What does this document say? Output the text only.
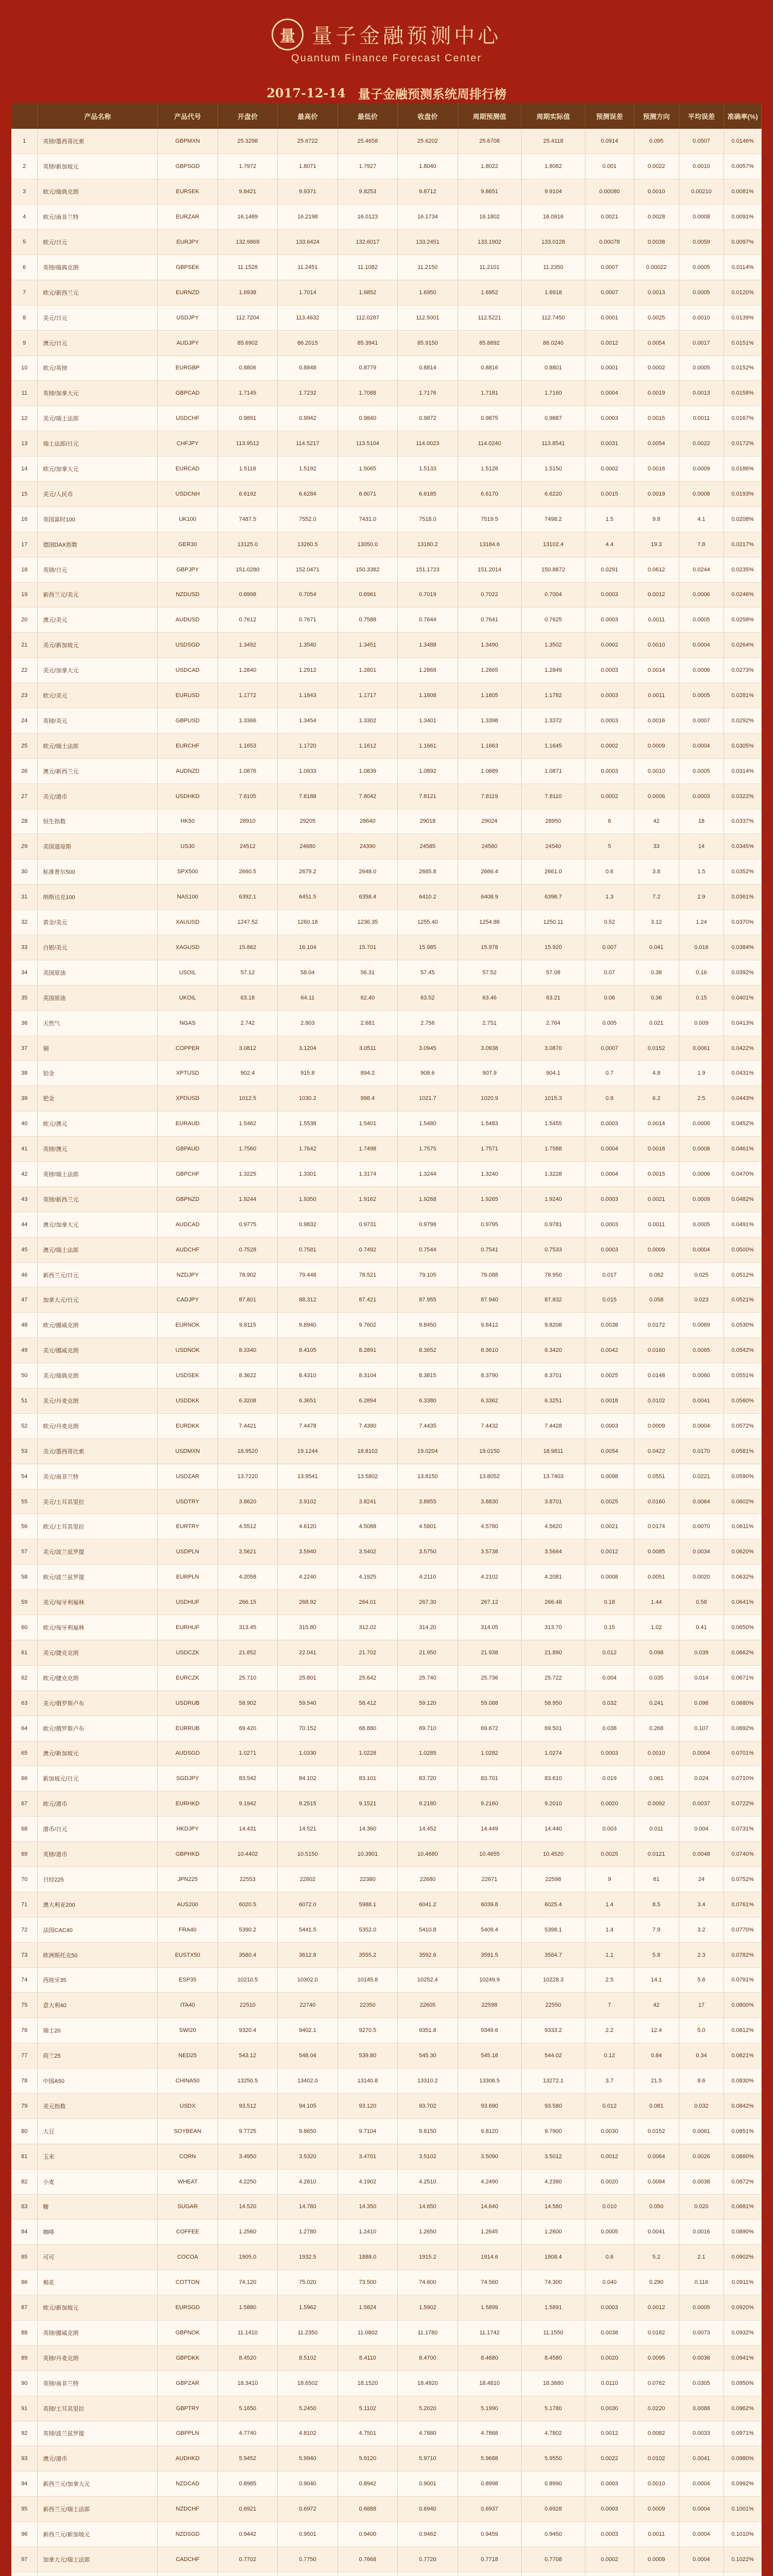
量 量子金融预测中心
Quantum Finance Forecast Center
2017-12-14 量子金融预测系统周排行榜
	产品名称	产品代号	开盘价	最高价	最低价	收盘价	周期预测值	周期实际值	预测误差	预测方向	平均误差	准确率(%)
1	英镑/墨西哥比索	GBPMXN	25.3298	25.6722	25.4658	25.6202	25.6708	25.4118	0.0914	0.095	0.0507	0.0146%
2	英镑/新加坡元	GBPSGD	1.7972	1.8071	1.7927	1.8040	1.8022	1.8062	0.001	0.0022	0.0010	0.0057%
3	欧元/瑞典克朗	EURSEK	9.8421	9.9371	9.8253	9.8712	9.8651	9.9104	0.00080	0.0010	0.00210	0.0081%
4	欧元/南非兰特	EURZAR	16.1489	16.2198	16.0123	16.1734	16.1802	16.0916	0.0021	0.0028	0.0008	0.0091%
5	欧元/日元	EURJPY	132.9869	133.6424	132.6017	133.2451	133.1902	133.0128	0.00078	0.0038	0.0059	0.0097%
6	英镑/瑞典克朗	GBPSEK	11.1528	11.2451	11.1082	11.2150	11.2101	11.2350	0.0007	0.00022	0.0005	0.0114%
7	欧元/新西兰元	EURNZD	1.6938	1.7014	1.6852	1.6950	1.6952	1.6918	0.0007	0.0013	0.0005	0.0120%
8	美元/日元	USDJPY	112.7204	113.4632	112.0287	112.5001	112.5221	112.7450	0.0001	0.0025	0.0010	0.0139%
9	澳元/日元	AUDJPY	85.6902	86.2015	85.3941	85.9150	85.8892	86.0240	0.0012	0.0054	0.0017	0.0151%
10	欧元/英镑	EURGBP	0.8806	0.8848	0.8779	0.8814	0.8816	0.8801	0.0001	0.0002	0.0005	0.0152%
11	英镑/加拿大元	GBPCAD	1.7145	1.7232	1.7088	1.7176	1.7181	1.7160	0.0004	0.0019	0.0013	0.0158%
12	美元/瑞士法郎	USDCHF	0.9891	0.9942	0.9840	0.9872	0.9875	0.9887	0.0003	0.0015	0.0011	0.0167%
13	瑞士法郎/日元	CHFJPY	113.9512	114.5217	113.5104	114.0023	114.0240	113.8541	0.0031	0.0054	0.0022	0.0172%
14	欧元/加拿大元	EURCAD	1.5118	1.5192	1.5065	1.5133	1.5128	1.5150	0.0002	0.0016	0.0009	0.0186%
15	美元/人民币	USDCNH	6.6192	6.6284	6.6071	6.6185	6.6170	6.6220	0.0015	0.0019	0.0008	0.0193%
16	英国富时100	UK100	7487.5	7552.0	7431.0	7518.0	7519.5	7498.2	1.5	9.8	4.1	0.0208%
17	德国DAX指数	GER30	13125.0	13260.5	13050.0	13180.2	13184.6	13102.4	4.4	19.3	7.8	0.0217%
18	英镑/日元	GBPJPY	151.0280	152.0471	150.3382	151.1723	151.2014	150.8872	0.0291	0.0612	0.0244	0.0235%
19	新西兰元/美元	NZDUSD	0.6998	0.7054	0.6961	0.7019	0.7022	0.7004	0.0003	0.0012	0.0006	0.0246%
20	澳元/美元	AUDUSD	0.7612	0.7671	0.7588	0.7644	0.7641	0.7625	0.0003	0.0011	0.0005	0.0258%
21	美元/新加坡元	USDSGD	1.3492	1.3540	1.3451	1.3488	1.3490	1.3502	0.0002	0.0010	0.0004	0.0264%
22	美元/加拿大元	USDCAD	1.2840	1.2912	1.2801	1.2868	1.2865	1.2849	0.0003	0.0014	0.0006	0.0273%
23	欧元/美元	EURUSD	1.1772	1.1843	1.1717	1.1808	1.1805	1.1782	0.0003	0.0011	0.0005	0.0281%
24	英镑/美元	GBPUSD	1.3366	1.3454	1.3302	1.3401	1.3398	1.3372	0.0003	0.0016	0.0007	0.0292%
25	欧元/瑞士法郎	EURCHF	1.1653	1.1720	1.1612	1.1661	1.1663	1.1645	0.0002	0.0009	0.0004	0.0305%
26	澳元/新西兰元	AUDNZD	1.0876	1.0933	1.0839	1.0892	1.0889	1.0871	0.0003	0.0010	0.0005	0.0314%
27	美元/港币	USDHKD	7.8105	7.8188	7.8042	7.8121	7.8119	7.8110	0.0002	0.0006	0.0003	0.0322%
28	恒生指数	HK50	28910	29205	28640	29018	29024	28950	6	42	18	0.0337%
29	美国道琼斯	US30	24512	24680	24390	24585	24580	24540	5	33	14	0.0345%
30	标准普尔500	SPX500	2660.5	2679.2	2648.0	2665.8	2666.4	2661.0	0.6	3.8	1.5	0.0352%
31	纳斯达克100	NAS100	6392.1	6451.5	6358.4	6410.2	6408.9	6398.7	1.3	7.2	2.9	0.0361%
32	黄金/美元	XAUUSD	1247.52	1260.18	1236.35	1255.40	1254.88	1250.11	0.52	3.12	1.24	0.0370%
33	白银/美元	XAGUSD	15.862	16.104	15.701	15.985	15.978	15.920	0.007	0.041	0.016	0.0384%
34	美国原油	USOIL	57.12	58.04	56.31	57.45	57.52	57.08	0.07	0.38	0.16	0.0392%
35	英国原油	UKOIL	63.18	64.11	62.40	63.52	63.46	63.21	0.06	0.36	0.15	0.0401%
36	天然气	NGAS	2.742	2.803	2.681	2.756	2.751	2.764	0.005	0.021	0.009	0.0413%
37	铜	COPPER	3.0812	3.1204	3.0511	3.0945	3.0938	3.0870	0.0007	0.0152	0.0061	0.0422%
38	铂金	XPTUSD	902.4	915.8	894.2	908.6	907.9	904.1	0.7	4.8	1.9	0.0431%
39	钯金	XPDUSD	1012.5	1030.2	998.4	1021.7	1020.9	1015.3	0.8	6.2	2.5	0.0443%
40	欧元/澳元	EURAUD	1.5462	1.5538	1.5401	1.5480	1.5483	1.5455	0.0003	0.0014	0.0006	0.0452%
41	英镑/澳元	GBPAUD	1.7560	1.7642	1.7498	1.7575	1.7571	1.7588	0.0004	0.0018	0.0008	0.0461%
42	英镑/瑞士法郎	GBPCHF	1.3225	1.3301	1.3174	1.3244	1.3240	1.3228	0.0004	0.0015	0.0006	0.0470%
43	英镑/新西兰元	GBPNZD	1.9244	1.9350	1.9162	1.9268	1.9265	1.9240	0.0003	0.0021	0.0009	0.0482%
44	澳元/加拿大元	AUDCAD	0.9775	0.9832	0.9731	0.9798	0.9795	0.9781	0.0003	0.0011	0.0005	0.0491%
45	澳元/瑞士法郎	AUDCHF	0.7528	0.7581	0.7492	0.7544	0.7541	0.7533	0.0003	0.0009	0.0004	0.0500%
46	新西兰元/日元	NZDJPY	78.902	79.448	78.521	79.105	79.088	78.950	0.017	0.062	0.025	0.0512%
47	加拿大元/日元	CADJPY	87.801	88.312	87.421	87.955	87.940	87.832	0.015	0.058	0.023	0.0521%
48	欧元/挪威克朗	EURNOK	9.8115	9.8940	9.7602	9.8450	9.8412	9.8208	0.0038	0.0172	0.0069	0.0530%
49	美元/挪威克朗	USDNOK	8.3340	8.4105	8.2891	8.3652	8.3610	8.3420	0.0042	0.0160	0.0065	0.0542%
50	美元/瑞典克朗	USDSEK	8.3622	8.4310	8.3104	8.3815	8.3790	8.3701	0.0025	0.0148	0.0060	0.0551%
51	美元/丹麦克朗	USDDKK	6.3208	6.3651	6.2894	6.3380	6.3362	6.3251	0.0018	0.0102	0.0041	0.0560%
52	欧元/丹麦克朗	EURDKK	7.4421	7.4478	7.4390	7.4435	7.4432	7.4428	0.0003	0.0009	0.0004	0.0572%
53	美元/墨西哥比索	USDMXN	18.9520	19.1244	18.8102	19.0204	19.0150	18.9811	0.0054	0.0422	0.0170	0.0581%
54	美元/南非兰特	USDZAR	13.7220	13.9541	13.5802	13.8150	13.8052	13.7403	0.0098	0.0551	0.0221	0.0590%
55	美元/土耳其里拉	USDTRY	3.8620	3.9102	3.8241	3.8855	3.8830	3.8701	0.0025	0.0160	0.0064	0.0602%
56	欧元/土耳其里拉	EURTRY	4.5512	4.6120	4.5088	4.5801	4.5780	4.5620	0.0021	0.0174	0.0070	0.0611%
57	美元/波兰兹罗提	USDPLN	3.5621	3.5940	3.5402	3.5750	3.5738	3.5664	0.0012	0.0085	0.0034	0.0620%
58	欧元/波兰兹罗提	EURPLN	4.2058	4.2240	4.1925	4.2110	4.2102	4.2081	0.0008	0.0051	0.0020	0.0632%
59	美元/匈牙利福林	USDHUF	266.15	268.92	264.01	267.30	267.12	266.48	0.18	1.44	0.58	0.0641%
60	欧元/匈牙利福林	EURHUF	313.45	315.80	312.02	314.20	314.05	313.70	0.15	1.02	0.41	0.0650%
61	美元/捷克克朗	USDCZK	21.852	22.041	21.702	21.950	21.938	21.890	0.012	0.098	0.039	0.0662%
62	欧元/捷克克朗	EURCZK	25.710	25.801	25.642	25.740	25.736	25.722	0.004	0.035	0.014	0.0671%
63	美元/俄罗斯卢布	USDRUB	58.902	59.540	58.412	59.120	59.088	58.950	0.032	0.241	0.096	0.0680%
64	欧元/俄罗斯卢布	EURRUB	69.420	70.152	68.880	69.710	69.672	69.501	0.038	0.268	0.107	0.0692%
65	澳元/新加坡元	AUDSGD	1.0271	1.0330	1.0228	1.0285	1.0282	1.0274	0.0003	0.0010	0.0004	0.0701%
66	新加坡元/日元	SGDJPY	83.542	84.102	83.101	83.720	83.701	83.610	0.019	0.061	0.024	0.0710%
67	欧元/港币	EURHKD	9.1942	9.2515	9.1521	9.2180	9.2160	9.2010	0.0020	0.0092	0.0037	0.0722%
68	港币/日元	HKDJPY	14.431	14.521	14.360	14.452	14.449	14.440	0.003	0.011	0.004	0.0731%
69	英镑/港币	GBPHKD	10.4402	10.5150	10.3901	10.4680	10.4655	10.4520	0.0025	0.0121	0.0048	0.0740%
70	日经225	JPN225	22553	22802	22380	22680	22671	22598	9	61	24	0.0752%
71	澳大利亚200	AUS200	6020.5	6072.0	5988.1	6041.2	6039.8	6025.4	1.4	8.5	3.4	0.0761%
72	法国CAC40	FRA40	5390.2	5441.5	5352.0	5410.8	5409.4	5398.1	1.4	7.9	3.2	0.0770%
73	欧洲斯托克50	EUSTX50	3580.4	3612.8	3555.2	3592.6	3591.5	3584.7	1.1	5.8	2.3	0.0782%
74	西班牙35	ESP35	10210.5	10302.0	10145.8	10252.4	10249.9	10228.3	2.5	14.1	5.6	0.0791%
75	意大利40	ITA40	22510	22740	22350	22605	22598	22550	7	42	17	0.0800%
76	瑞士20	SWI20	9320.4	9402.1	9270.5	9351.8	9349.6	9333.2	2.2	12.4	5.0	0.0812%
77	荷兰25	NED25	543.12	548.04	539.80	545.30	545.18	544.02	0.12	0.84	0.34	0.0821%
78	中国A50	CHINA50	13250.5	13402.0	13140.8	13310.2	13306.5	13272.1	3.7	21.5	8.6	0.0830%
79	美元指数	USDX	93.512	94.105	93.120	93.702	93.690	93.580	0.012	0.081	0.032	0.0842%
80	大豆	SOYBEAN	9.7725	9.8650	9.7104	9.8150	9.8120	9.7900	0.0030	0.0152	0.0061	0.0851%
81	玉米	CORN	3.4950	3.5320	3.4701	3.5102	3.5090	3.5012	0.0012	0.0064	0.0026	0.0860%
82	小麦	WHEAT	4.2250	4.2810	4.1902	4.2510	4.2490	4.2380	0.0020	0.0094	0.0038	0.0872%
83	糖	SUGAR	14.520	14.780	14.350	14.650	14.640	14.580	0.010	0.050	0.020	0.0881%
84	咖啡	COFFEE	1.2560	1.2780	1.2410	1.2650	1.2645	1.2600	0.0005	0.0041	0.0016	0.0890%
85	可可	COCOA	1905.0	1932.5	1888.0	1915.2	1914.6	1908.4	0.6	5.2	2.1	0.0902%
86	棉花	COTTON	74.120	75.020	73.500	74.600	74.560	74.300	0.040	0.290	0.116	0.0911%
87	欧元/新加坡元	EURSGD	1.5880	1.5962	1.5824	1.5902	1.5899	1.5891	0.0003	0.0012	0.0005	0.0920%
88	英镑/挪威克朗	GBPNOK	11.1410	11.2350	11.0802	11.1780	11.1742	11.1550	0.0038	0.0182	0.0073	0.0932%
89	英镑/丹麦克朗	GBPDKK	8.4520	8.5102	8.4110	8.4700	8.4680	8.4580	0.0020	0.0095	0.0038	0.0941%
90	英镑/南非兰特	GBPZAR	18.3410	18.6502	18.1520	18.4920	18.4810	18.3880	0.0110	0.0762	0.0305	0.0950%
91	英镑/土耳其里拉	GBPTRY	5.1650	5.2450	5.1102	5.2020	5.1990	5.1780	0.0030	0.0220	0.0088	0.0962%
92	英镑/波兰兹罗提	GBPPLN	4.7740	4.8102	4.7501	4.7880	4.7868	4.7802	0.0012	0.0082	0.0033	0.0971%
93	澳元/港币	AUDHKD	5.9452	5.9940	5.9120	5.9710	5.9688	5.9550	0.0022	0.0102	0.0041	0.0980%
94	新西兰元/加拿大元	NZDCAD	0.8985	0.9040	0.8942	0.9001	0.8998	0.8990	0.0003	0.0010	0.0004	0.0992%
95	新西兰元/瑞士法郎	NZDCHF	0.6921	0.6972	0.6888	0.6940	0.6937	0.6928	0.0003	0.0009	0.0004	0.1001%
96	新西兰元/新加坡元	NZDSGD	0.9442	0.9501	0.9400	0.9462	0.9459	0.9450	0.0003	0.0011	0.0004	0.1010%
97	加拿大元/瑞士法郎	CADCHF	0.7702	0.7750	0.7668	0.7720	0.7718	0.7708	0.0002	0.0009	0.0004	0.1022%
